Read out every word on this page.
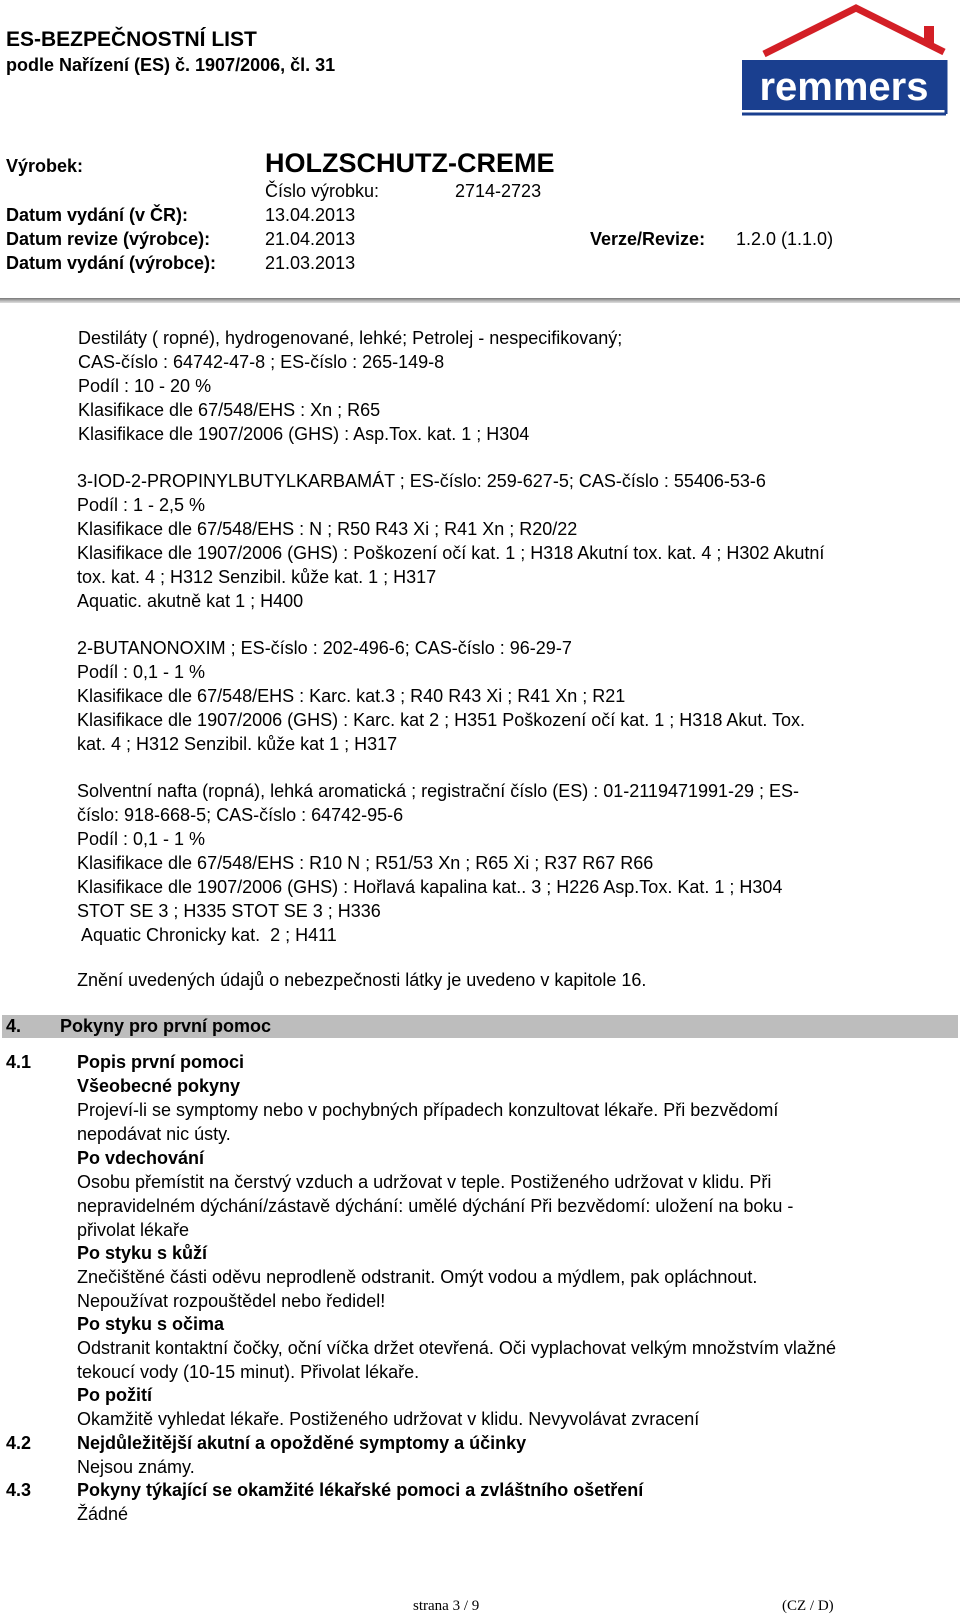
ES-BEZPEČNOSTNÍ LIST
podle Nařízení (ES) č. 1907/2006, čl. 31	remmers
Výrobek:	HOLZSCHUTZ-CREME
Číslo výrobku:	2714-2723
Datum vydání (v ČR):	13.04.2013
Datum revize (výrobce):	21.04.2013	Verze/Revize: 1.2.0 (1.1.0)
Datum vydání (výrobce):	21.03.2013
Destiláty ( ropné), hydrogenované, lehké; Petrolej - nespecifikovaný;
CAS-číslo : 64742-47-8 ; ES-číslo : 265-149-8
Podíl : 10 - 20 %
Klasifikace dle 67/548/EHS : Xn ; R65
Klasifikace dle 1907/2006 (GHS) : Asp.Tox. kat. 1 ; H304
3-IOD-2-PROPINYLBUTYLKARBAMÁT ; ES-číslo: 259-627-5; CAS-číslo : 55406-53-6
Podíl : 1 - 2,5 %
Klasifikace dle 67/548/EHS : N ; R50 R43 Xi ; R41 Xn ; R20/22
Klasifikace dle 1907/2006 (GHS) : Poškození očí kat. 1 ; H318 Akutní tox. kat. 4 ; H302 Akutní
tox. kat. 4 ; H312 Senzibil. kůže kat. 1 ; H317
Aquatic. akutně kat 1 ; H400
2-BUTANONOXIM ; ES-číslo : 202-496-6; CAS-číslo : 96-29-7
Podíl : 0,1 - 1 %
Klasifikace dle 67/548/EHS : Karc. kat.3 ; R40 R43 Xi ; R41 Xn ; R21
Klasifikace dle 1907/2006 (GHS) : Karc. kat 2 ; H351 Poškození očí kat. 1 ; H318 Akut. Tox.
kat. 4 ; H312 Senzibil. kůže kat 1 ; H317
Solventní nafta (ropná), lehká aromatická ; registrační číslo (ES) : 01-2119471991-29 ; ES-
číslo: 918-668-5; CAS-číslo : 64742-95-6
Podíl : 0,1 - 1 %
Klasifikace dle 67/548/EHS : R10 N ; R51/53 Xn ; R65 Xi ; R37 R67 R66
Klasifikace dle 1907/2006 (GHS) : Hořlavá kapalina kat.. 3 ; H226 Asp.Tox. Kat. 1 ; H304
STOT SE 3 ; H335 STOT SE 3 ; H336
Aquatic Chronicky kat.  2 ; H411
Znění uvedených údajů o nebezpečnosti látky je uvedeno v kapitole 16.
4. Pokyny pro první pomoc
4.1	Popis první pomoci
Všeobecné pokyny
Projeví-li se symptomy nebo v pochybných případech konzultovat lékaře. Při bezvědomí
nepodávat nic ústy.
Po vdechování
Osobu přemístit na čerstvý vzduch a udržovat v teple. Postiženého udržovat v klidu. Při
nepravidelném dýchání/zástavě dýchání: umělé dýchání Při bezvědomí: uložení na boku -
přivolat lékaře
Po styku s kůží
Znečištěné části oděvu neprodleně odstranit. Omýt vodou a mýdlem, pak opláchnout.
Nepoužívat rozpouštědel nebo ředidel!
Po styku s očima
Odstranit kontaktní čočky, oční víčka držet otevřená. Oči vyplachovat velkým množstvím vlažné
tekoucí vody (10-15 minut). Přivolat lékaře.
Po požití
Okamžitě vyhledat lékaře. Postiženého udržovat v klidu. Nevyvolávat zvracení
4.2	Nejdůležitější akutní a opožděné symptomy a účinky
Nejsou známy.
4.3	Pokyny týkající se okamžité lékařské pomoci a zvláštního ošetření
Žádné
strana 3 / 9	(CZ / D)
